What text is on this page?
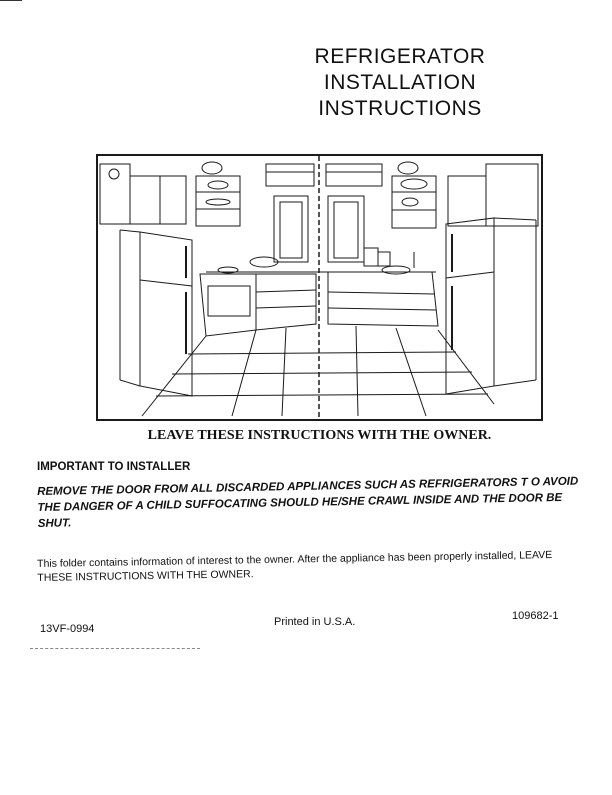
REFRIGERATOR
INSTALLATION
INSTRUCTIONS
LEAVE THESE INSTRUCTIONS WITH THE OWNER.
IMPORTANT TO INSTALLER
REMOVE THE DOOR FROM ALL DISCARDED APPLIANCES SUCH AS REFRIGERATORS T O AVOID THE DANGER OF A CHILD SUFFOCATING SHOULD HE/SHE CRAWL INSIDE AND THE DOOR BE SHUT.
This folder contains information of interest to the owner. After the appliance has been properly installed, LEAVE THESE INSTRUCTIONS WITH THE OWNER.
13VF-0994
Printed in U.S.A.	109682-1
